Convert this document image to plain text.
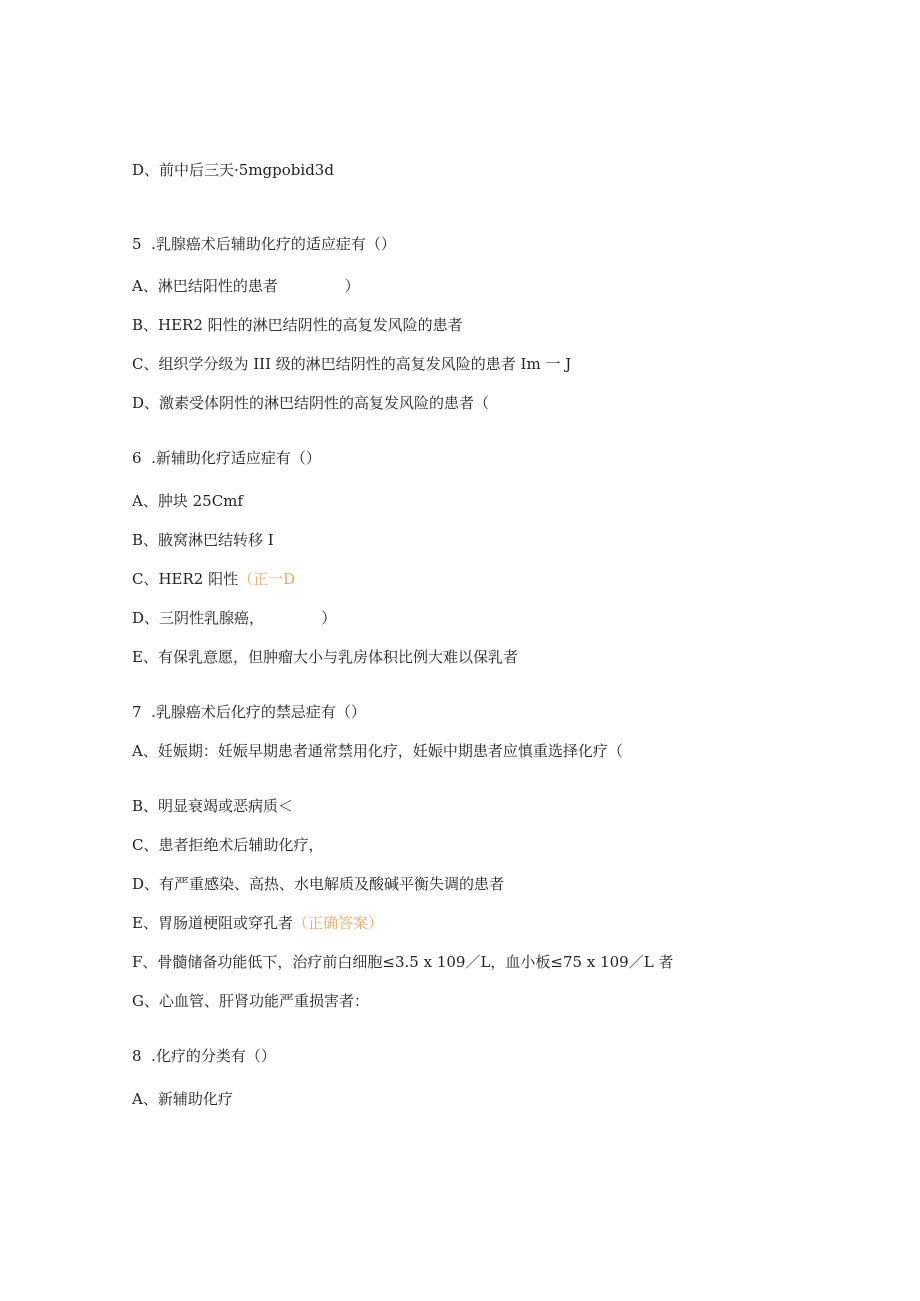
D、前中后三天·5mgpobid3d
5  .乳腺癌术后辅助化疗的适应症有（）
A、淋巴结阳性的患者              ）
B、HER2 阳性的淋巴结阴性的高复发风险的患者
C、组织学分级为 III 级的淋巴结阴性的高复发风险的患者 Im 一 J
D、激素受体阴性的淋巴结阴性的高复发风险的患者（
6  .新辅助化疗适应症有（）
A、肿块 25Cmf
B、腋窝淋巴结转移 I
C、HER2 阳性（正一D
D、三阴性乳腺癌，            ）
E、有保乳意愿，但肿瘤大小与乳房体积比例大难以保乳者
7  .乳腺癌术后化疗的禁忌症有（）
A、妊娠期：妊娠早期患者通常禁用化疗，妊娠中期患者应慎重选择化疗（
B、明显衰竭或恶病质＜
C、患者拒绝术后辅助化疗，
D、有严重感染、高热、水电解质及酸碱平衡失调的患者
E、胃肠道梗阻或穿孔者（正确答案）
F、骨髓储备功能低下，治疗前白细胞≤3.5 x 109／L，血小板≤75 x 109／L 者
G、心血管、肝肾功能严重损害者：
8  .化疗的分类有（）
A、新辅助化疗
